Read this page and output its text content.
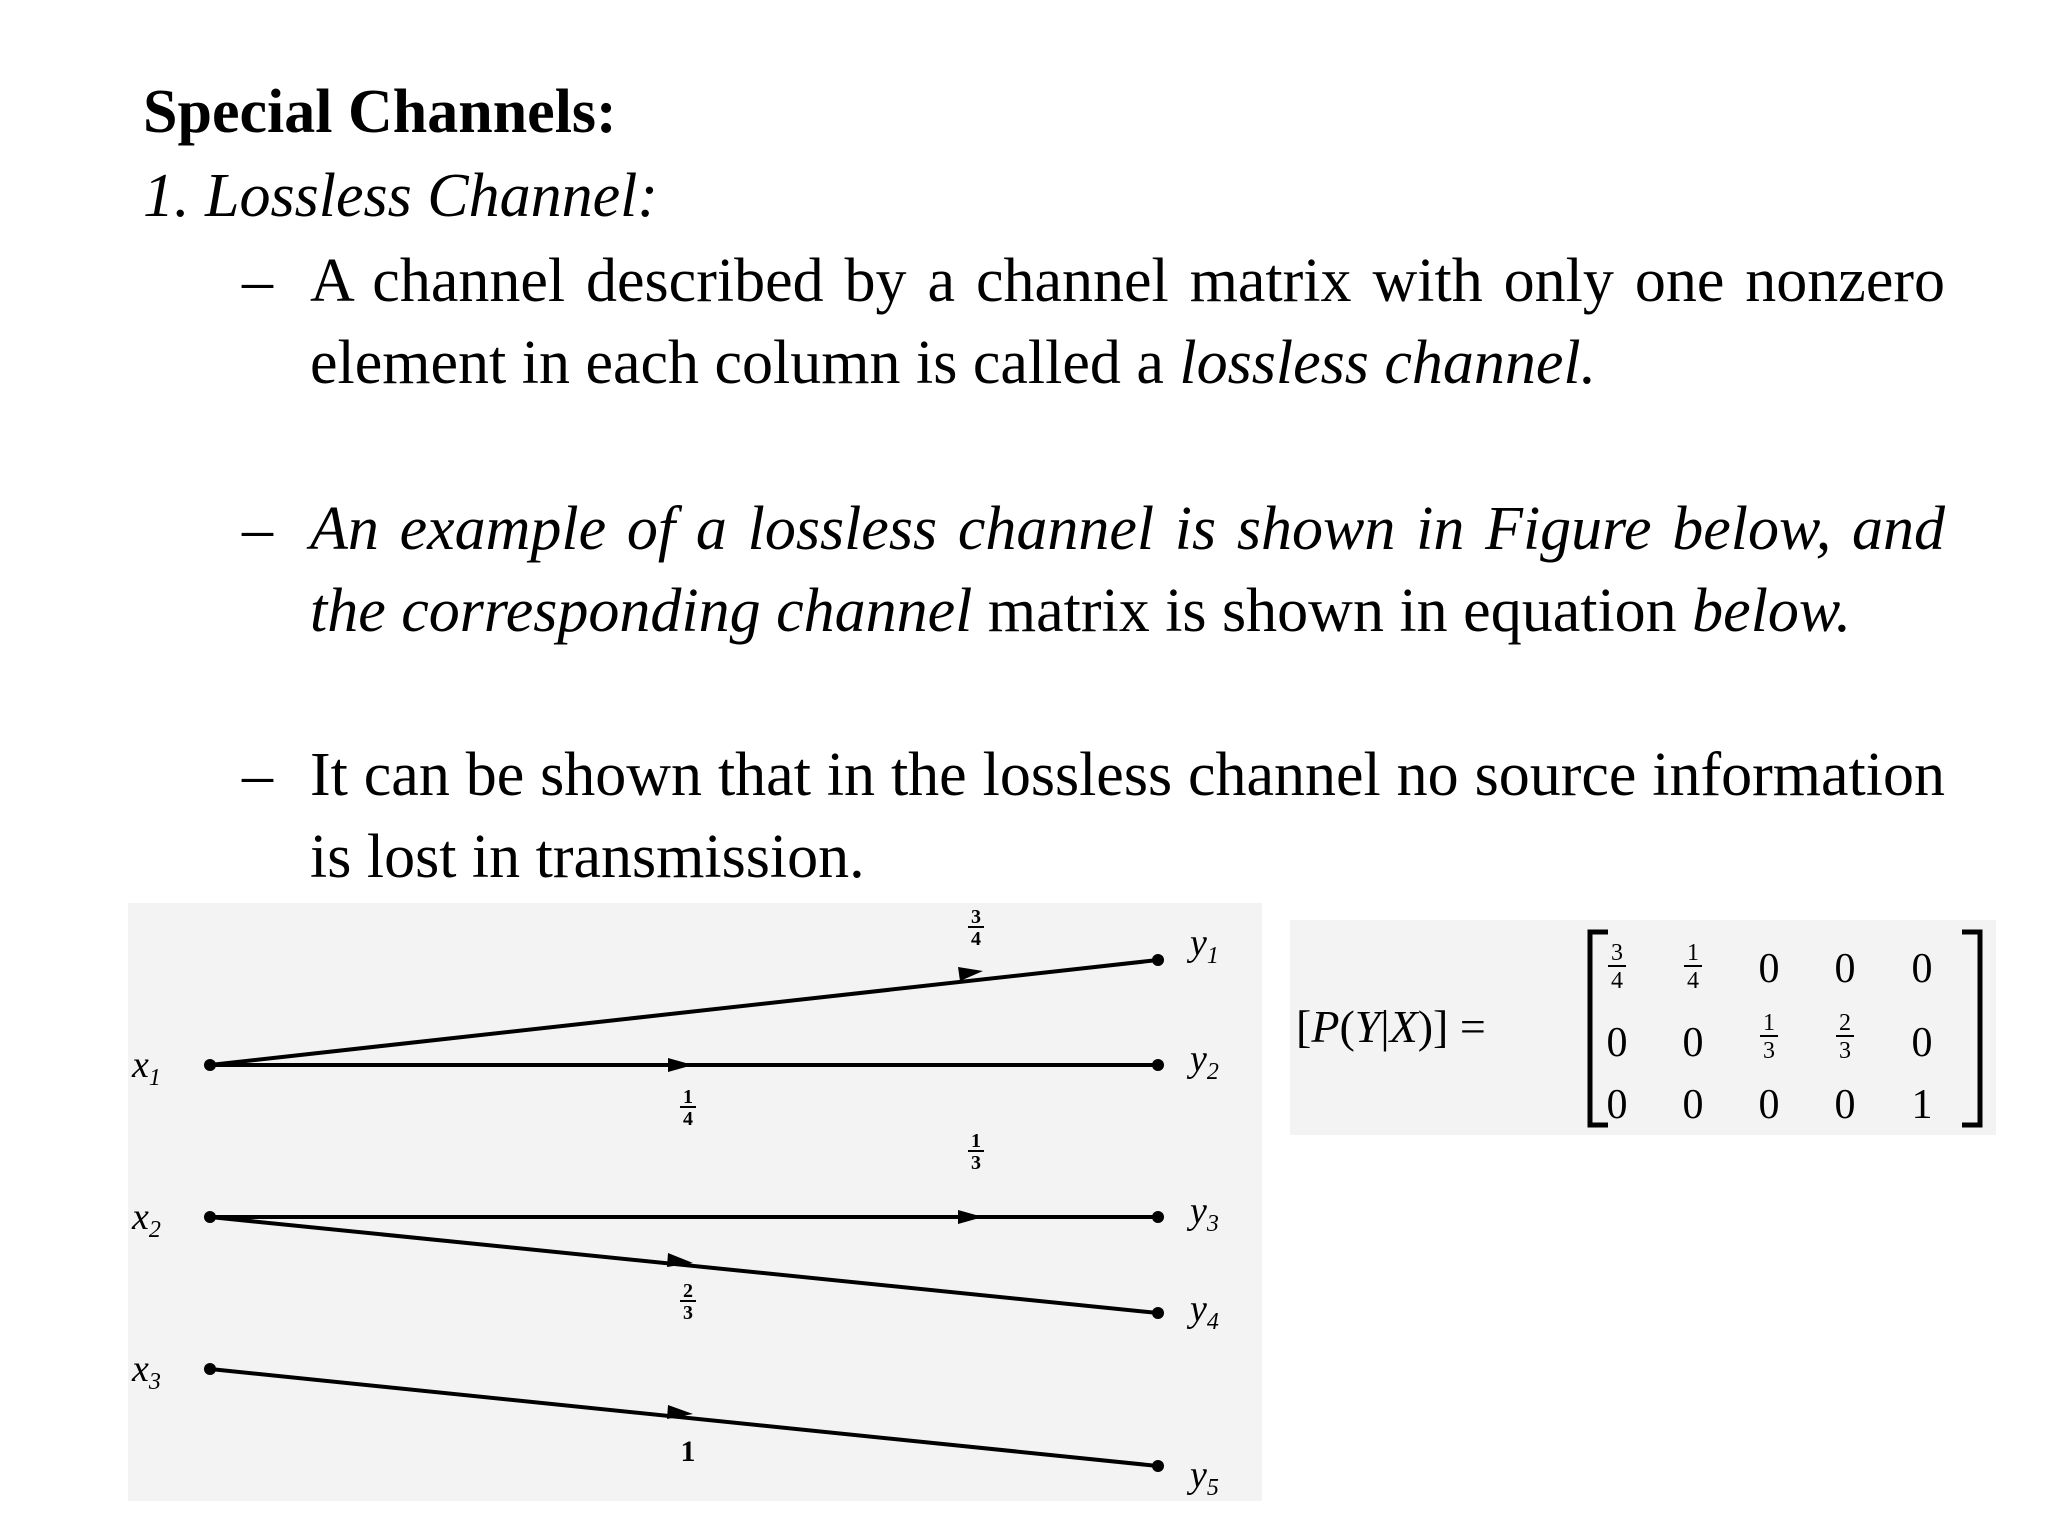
Special Channels:
1. Lossless Channel:
– A channel described by a channel matrix with only one nonzero element in each column is called a lossless channel.
– An example of a lossless channel is shown in Figure below, and the corresponding channel matrix is shown in equation below.
– It can be shown that in the lossless channel no source information is lost in transmission.
$x_1$
$x_2$
$x_3$
$y_1$
$y_2$
$y_3$
$y_4$
$y_5$
3
4
1
4
1
3
2
3
1
[P(Y|X)] =
3
4
1
4 0 0 0
0 0 1
3
2
3 0
0 0 0 0 1
